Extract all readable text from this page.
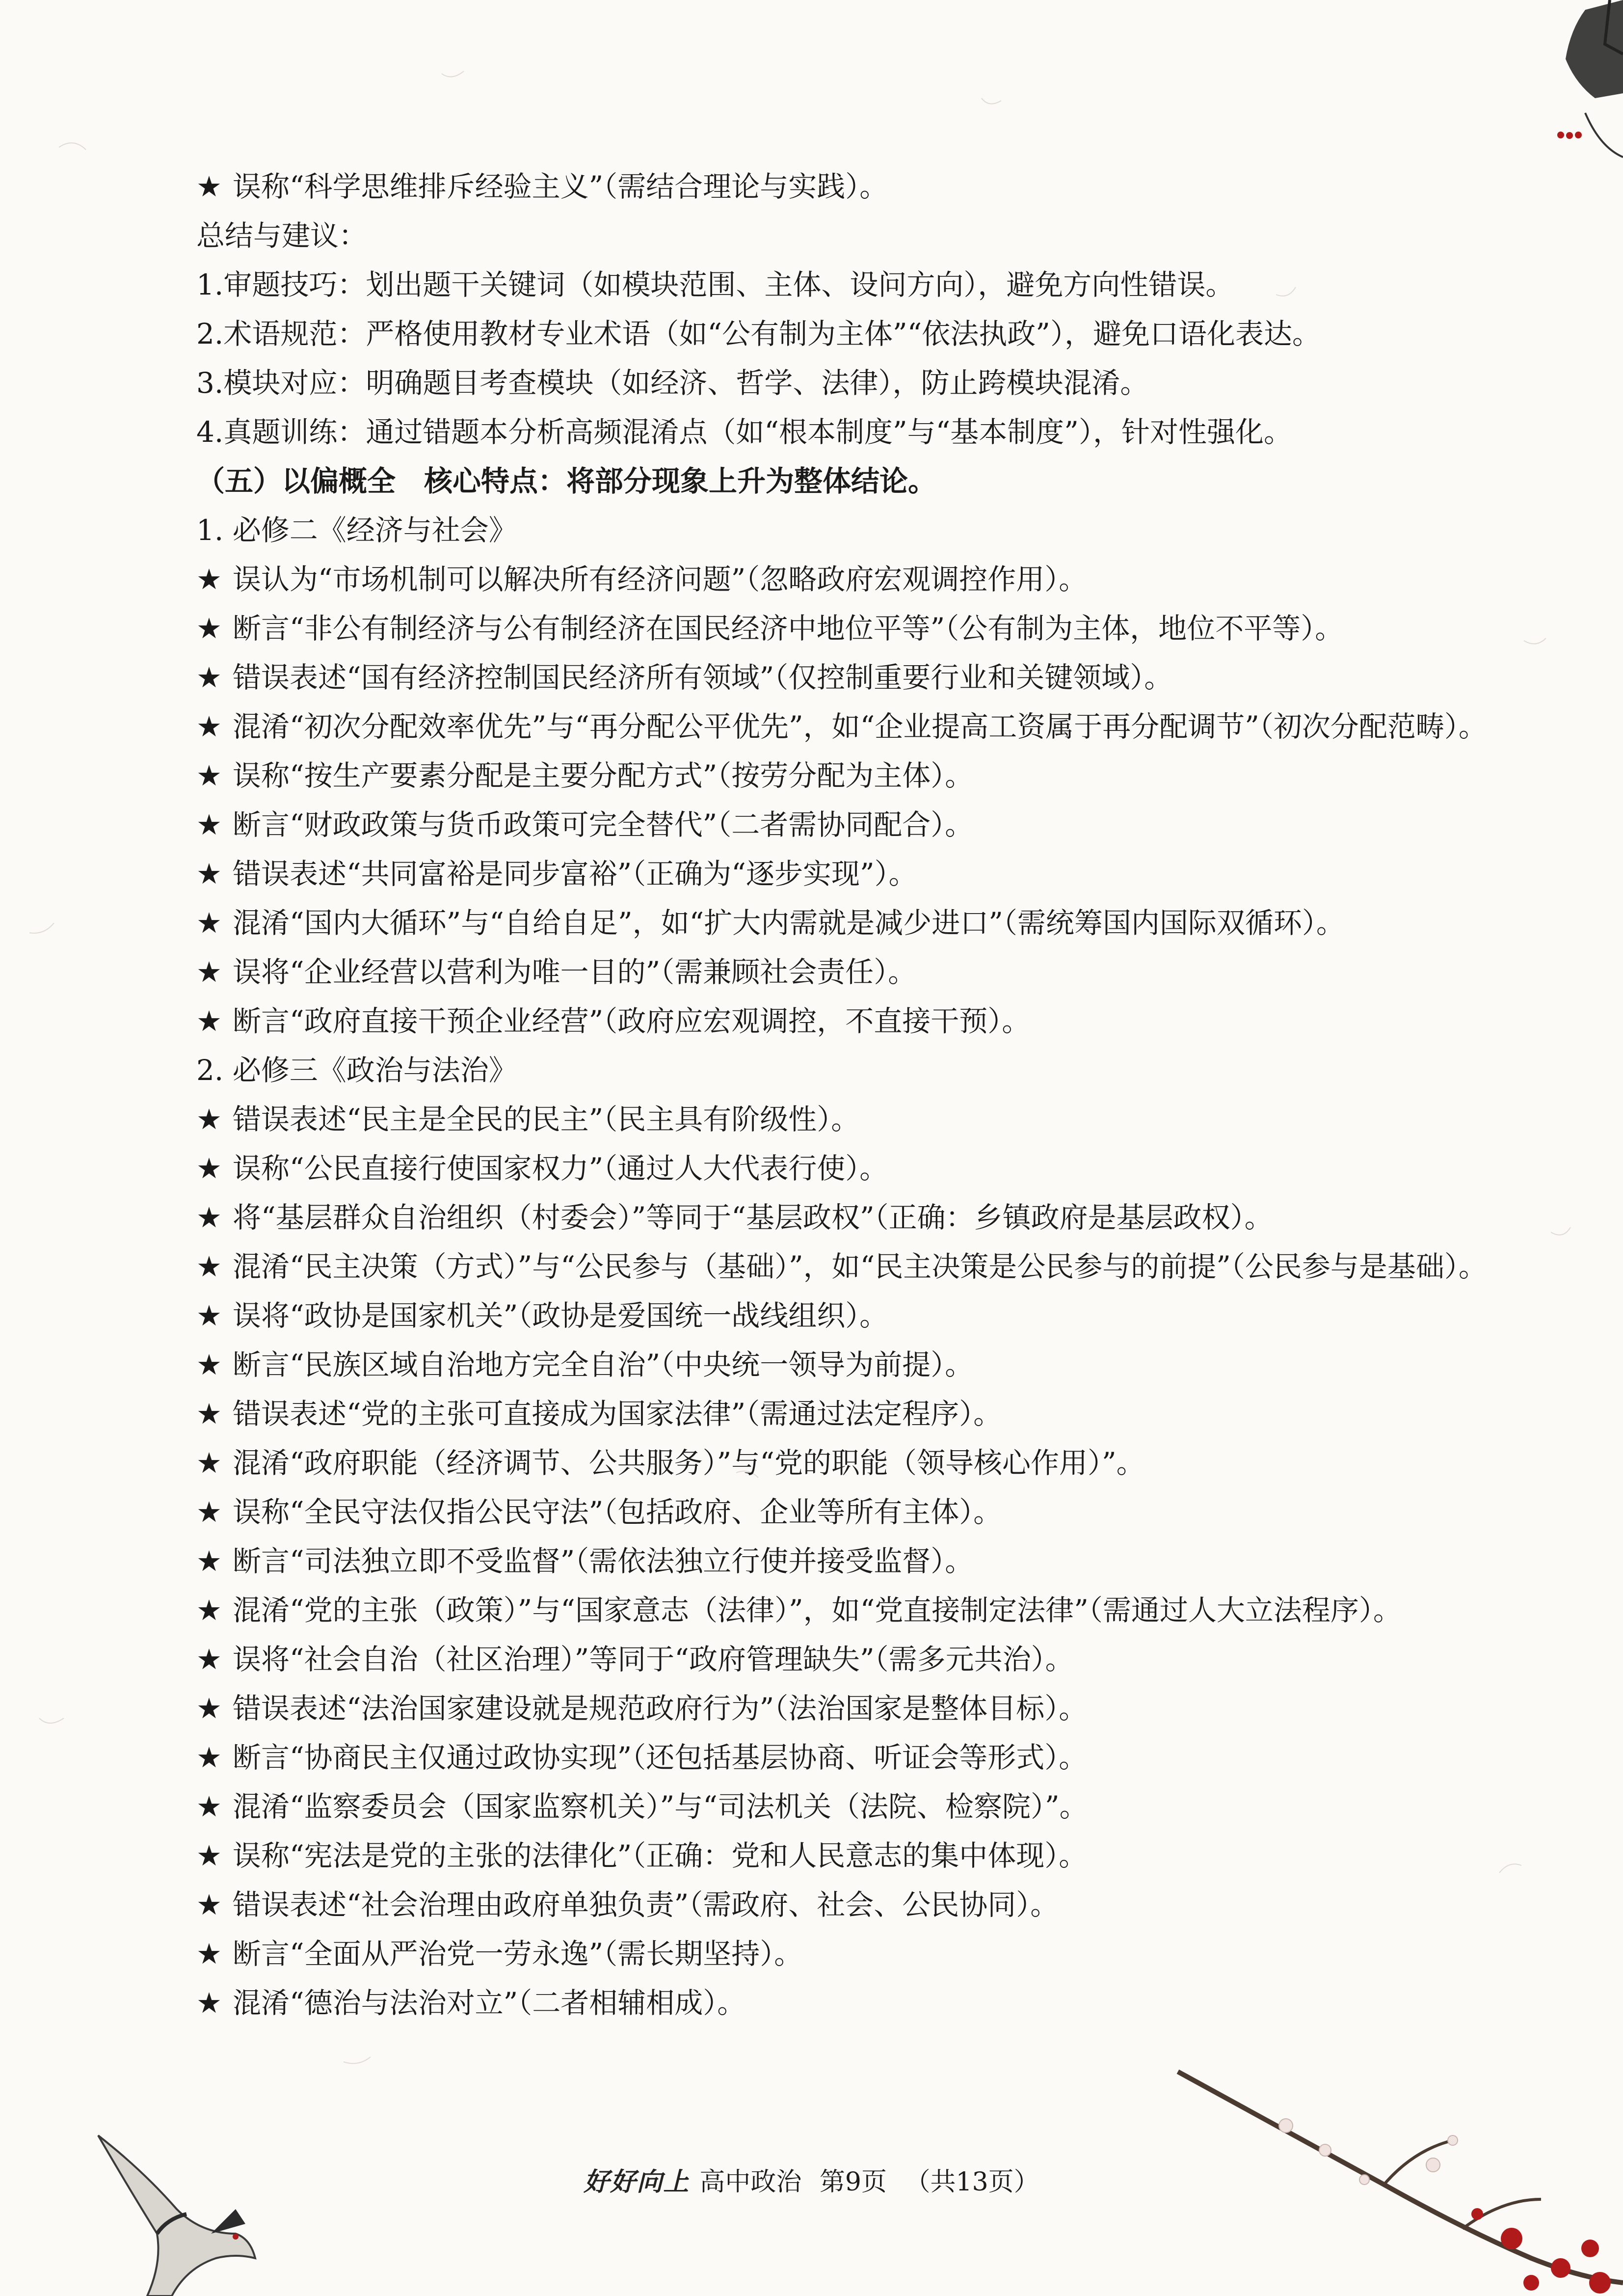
★ 误称“科学思维排斥经验主义”（需结合理论与实践）。
总结与建议：
1.审题技巧：划出题干关键词（如模块范围、主体、设问方向），避免方向性错误。
2.术语规范：严格使用教材专业术语（如“公有制为主体”“依法执政”），避免口语化表达。
3.模块对应：明确题目考查模块（如经济、哲学、法律），防止跨模块混淆。
4.真题训练：通过错题本分析高频混淆点（如“根本制度”与“基本制度”），针对性强化。
（五）以偏概全　核心特点：将部分现象上升为整体结论。
1. 必修二《经济与社会》
★ 误认为“市场机制可以解决所有经济问题”（忽略政府宏观调控作用）。
★ 断言“非公有制经济与公有制经济在国民经济中地位平等”（公有制为主体，地位不平等）。
★ 错误表述“国有经济控制国民经济所有领域”（仅控制重要行业和关键领域）。
★ 混淆“初次分配效率优先”与“再分配公平优先”，如“企业提高工资属于再分配调节”（初次分配范畴）。
★ 误称“按生产要素分配是主要分配方式”（按劳分配为主体）。
★ 断言“财政政策与货币政策可完全替代”（二者需协同配合）。
★ 错误表述“共同富裕是同步富裕”（正确为“逐步实现”）。
★ 混淆“国内大循环”与“自给自足”，如“扩大内需就是减少进口”（需统筹国内国际双循环）。
★ 误将“企业经营以营利为唯一目的”（需兼顾社会责任）。
★ 断言“政府直接干预企业经营”（政府应宏观调控，不直接干预）。
2. 必修三《政治与法治》
★ 错误表述“民主是全民的民主”（民主具有阶级性）。
★ 误称“公民直接行使国家权力”（通过人大代表行使）。
★ 将“基层群众自治组织（村委会）”等同于“基层政权”（正确：乡镇政府是基层政权）。
★ 混淆“民主决策（方式）”与“公民参与（基础）”，如“民主决策是公民参与的前提”（公民参与是基础）。
★ 误将“政协是国家机关”（政协是爱国统一战线组织）。
★ 断言“民族区域自治地方完全自治”（中央统一领导为前提）。
★ 错误表述“党的主张可直接成为国家法律”（需通过法定程序）。
★ 混淆“政府职能（经济调节、公共服务）”与“党的职能（领导核心作用）”。
★ 误称“全民守法仅指公民守法”（包括政府、企业等所有主体）。
★ 断言“司法独立即不受监督”（需依法独立行使并接受监督）。
★ 混淆“党的主张（政策）”与“国家意志（法律）”，如“党直接制定法律”（需通过人大立法程序）。
★ 误将“社会自治（社区治理）”等同于“政府管理缺失”（需多元共治）。
★ 错误表述“法治国家建设就是规范政府行为”（法治国家是整体目标）。
★ 断言“协商民主仅通过政协实现”（还包括基层协商、听证会等形式）。
★ 混淆“监察委员会（国家监察机关）”与“司法机关（法院、检察院）”。
★ 误称“宪法是党的主张的法律化”（正确：党和人民意志的集中体现）。
★ 错误表述“社会治理由政府单独负责”（需政府、社会、公民协同）。
★ 断言“全面从严治党一劳永逸”（需长期坚持）。
★ 混淆“德治与法治对立”（二者相辅相成）。
好好向上 高中政治 第9页 （共13页）
